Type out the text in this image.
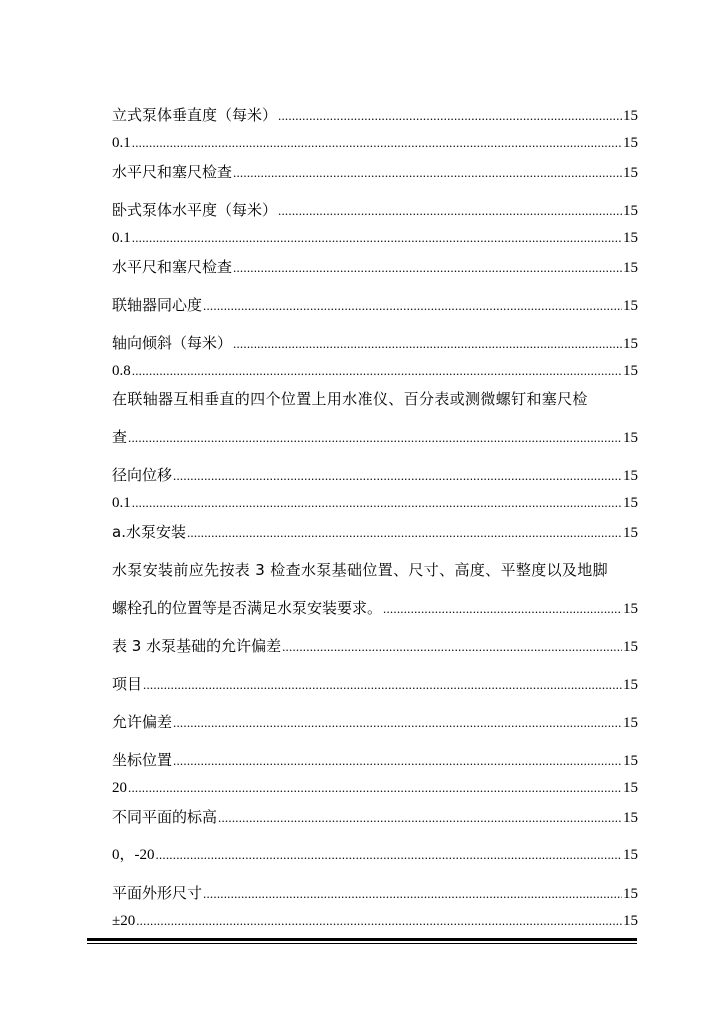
立式泵体垂直度（每米） .....	15
0.1 .....	15
水平尺和塞尺检查 .....	15
卧式泵体水平度（每米） .....	15
0.1 .....	15
水平尺和塞尺检查 .....	15
联轴器同心度 .....	15
轴向倾斜（每米） .....	15
0.8 .....	15
在联轴器互相垂直的四个位置上用水准仪、百分表或测微螺钉和塞尺检
查 .....	15
径向位移 .....	15
0.1 .....	15
a.水泵安装 .....	15
水泵安装前应先按表 3 检查水泵基础位置、尺寸、高度、平整度以及地脚
螺栓孔的位置等是否满足水泵安装要求。 .....	15
表 3 水泵基础的允许偏差 .....	15
项目 .....	15
允许偏差 .....	15
坐标位置 .....	15
20 .....	15
不同平面的标高 .....	15
0，-20 .....	15
平面外形尺寸 .....	15
±20 .....	15
